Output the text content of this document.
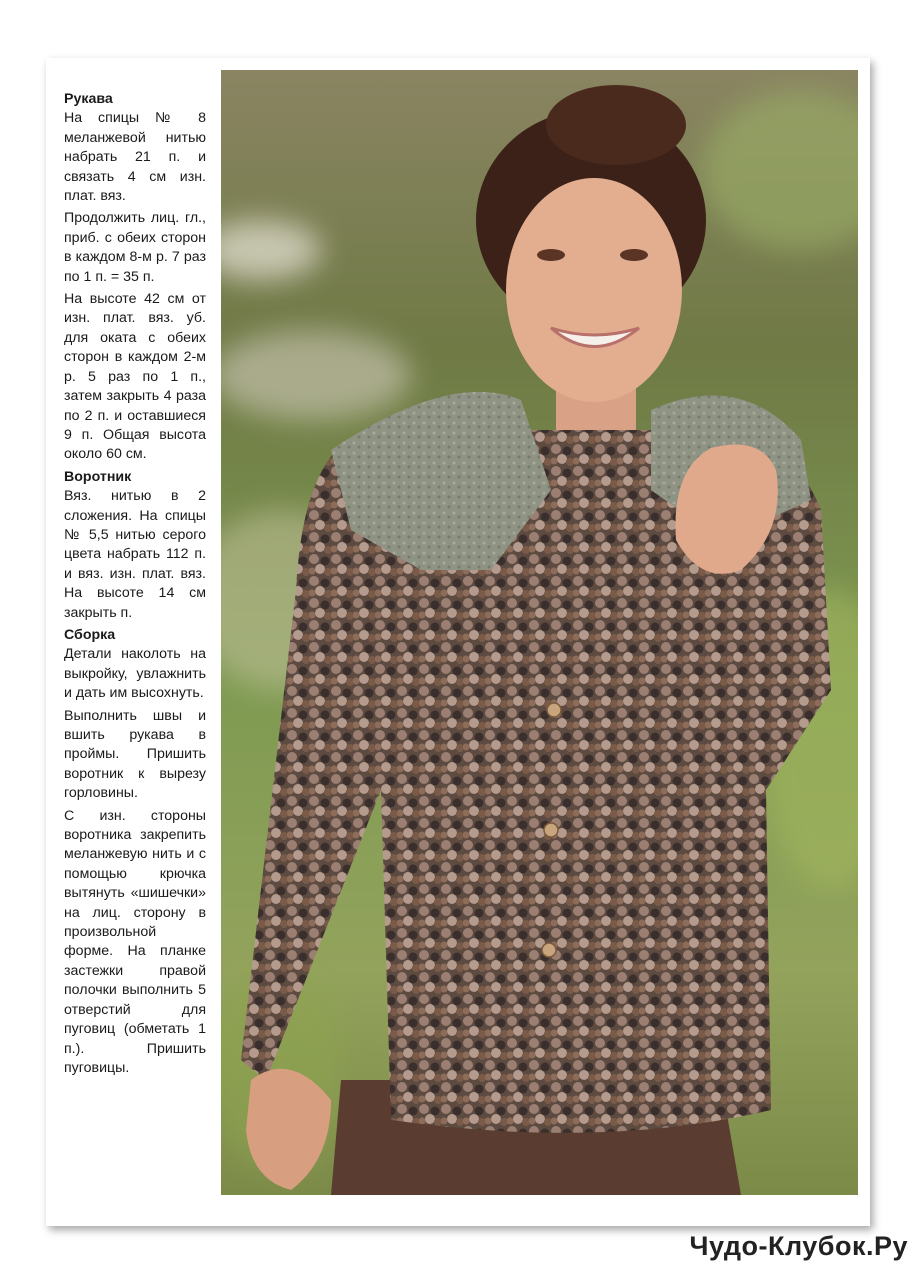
Рукава

На спицы № 8 меланжевой нитью набрать 21 п. и связать 4 см изн. плат. вяз.

Продолжить лиц. гл., приб. с обеих сторон в каждом 8-м р. 7 раз по 1 п. = 35 п.

На высоте 42 см от изн. плат. вяз. уб. для оката с обеих сторон в каждом 2-м р. 5 раз по 1 п., затем закрыть 4 раза по 2 п. и оставшиеся 9 п. Общая высота около 60 см.

Воротник

Вяз. нитью в 2 сложения. На спицы № 5,5 нитью серого цвета набрать 112 п. и вяз. изн. плат. вяз. На высоте 14 см закрыть п.

Сборка

Детали наколоть на выкройку, увлажнить и дать им высохнуть.

Выполнить швы и вшить рукава в проймы. Пришить воротник к вырезу горловины.

С изн. стороны воротника закрепить меланжевую нить и с помощью крючка вытянуть «шишечки» на лиц. сторону в произвольной форме. На планке застежки правой полочки выполнить 5 отверстий для пуговиц (обметать 1 п.). Пришить пуговицы.

Чудо-Клубок.Ру
